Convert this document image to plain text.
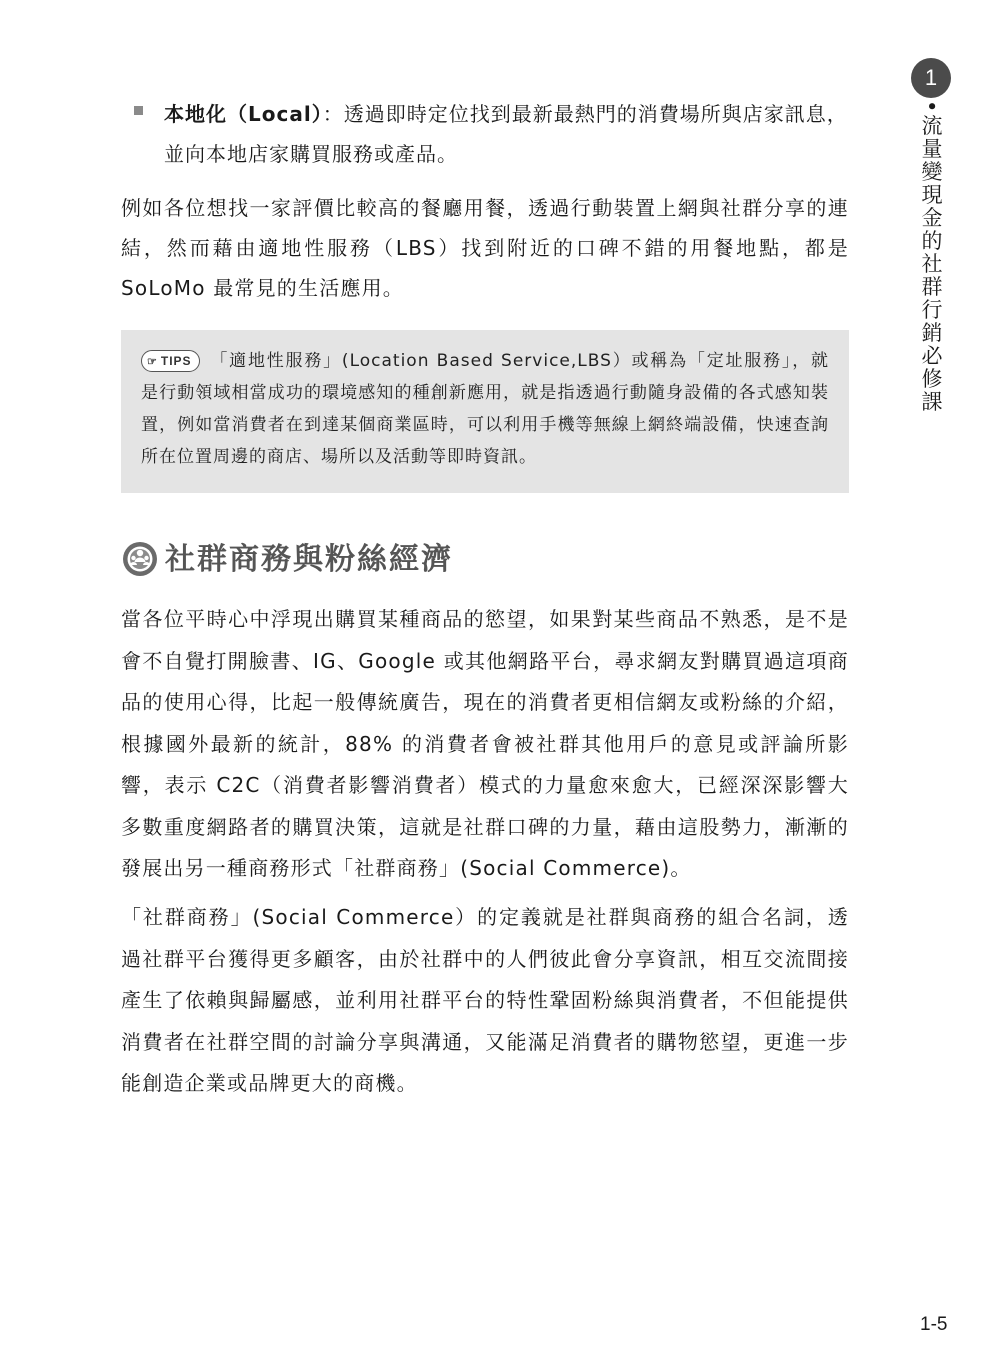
1
•流量變現金的社群行銷必修課
本地化（Local）：透過即時定位找到最新最熱門的消費場所與店家訊息，並向本地店家購買服務或產品。

例如各位想找一家評價比較高的餐廳用餐，透過行動裝置上網與社群分享的連結，然而藉由適地性服務（LBS）找到附近的口碑不錯的用餐地點，都是 SoLoMo 最常見的生活應用。

☞ TIPS 「適地性服務」(Location Based Service,LBS）或稱為「定址服務」，就是行動領域相當成功的環境感知的種創新應用，就是指透過行動隨身設備的各式感知裝置，例如當消費者在到達某個商業區時，可以利用手機等無線上網終端設備，快速查詢所在位置周邊的商店、場所以及活動等即時資訊。
社群商務與粉絲經濟

當各位平時心中浮現出購買某種商品的慾望，如果對某些商品不熟悉，是不是會不自覺打開臉書、IG、Google 或其他網路平台，尋求網友對購買過這項商品的使用心得，比起一般傳統廣告，現在的消費者更相信網友或粉絲的介紹，根據國外最新的統計，88% 的消費者會被社群其他用戶的意見或評論所影響，表示 C2C（消費者影響消費者）模式的力量愈來愈大，已經深深影響大多數重度網路者的購買決策，這就是社群口碑的力量，藉由這股勢力，漸漸的發展出另一種商務形式「社群商務」(Social Commerce)。

「社群商務」(Social Commerce）的定義就是社群與商務的組合名詞，透過社群平台獲得更多顧客，由於社群中的人們彼此會分享資訊，相互交流間接產生了依賴與歸屬感，並利用社群平台的特性鞏固粉絲與消費者，不但能提供消費者在社群空間的討論分享與溝通，又能滿足消費者的購物慾望，更進一步能創造企業或品牌更大的商機。

1-5
